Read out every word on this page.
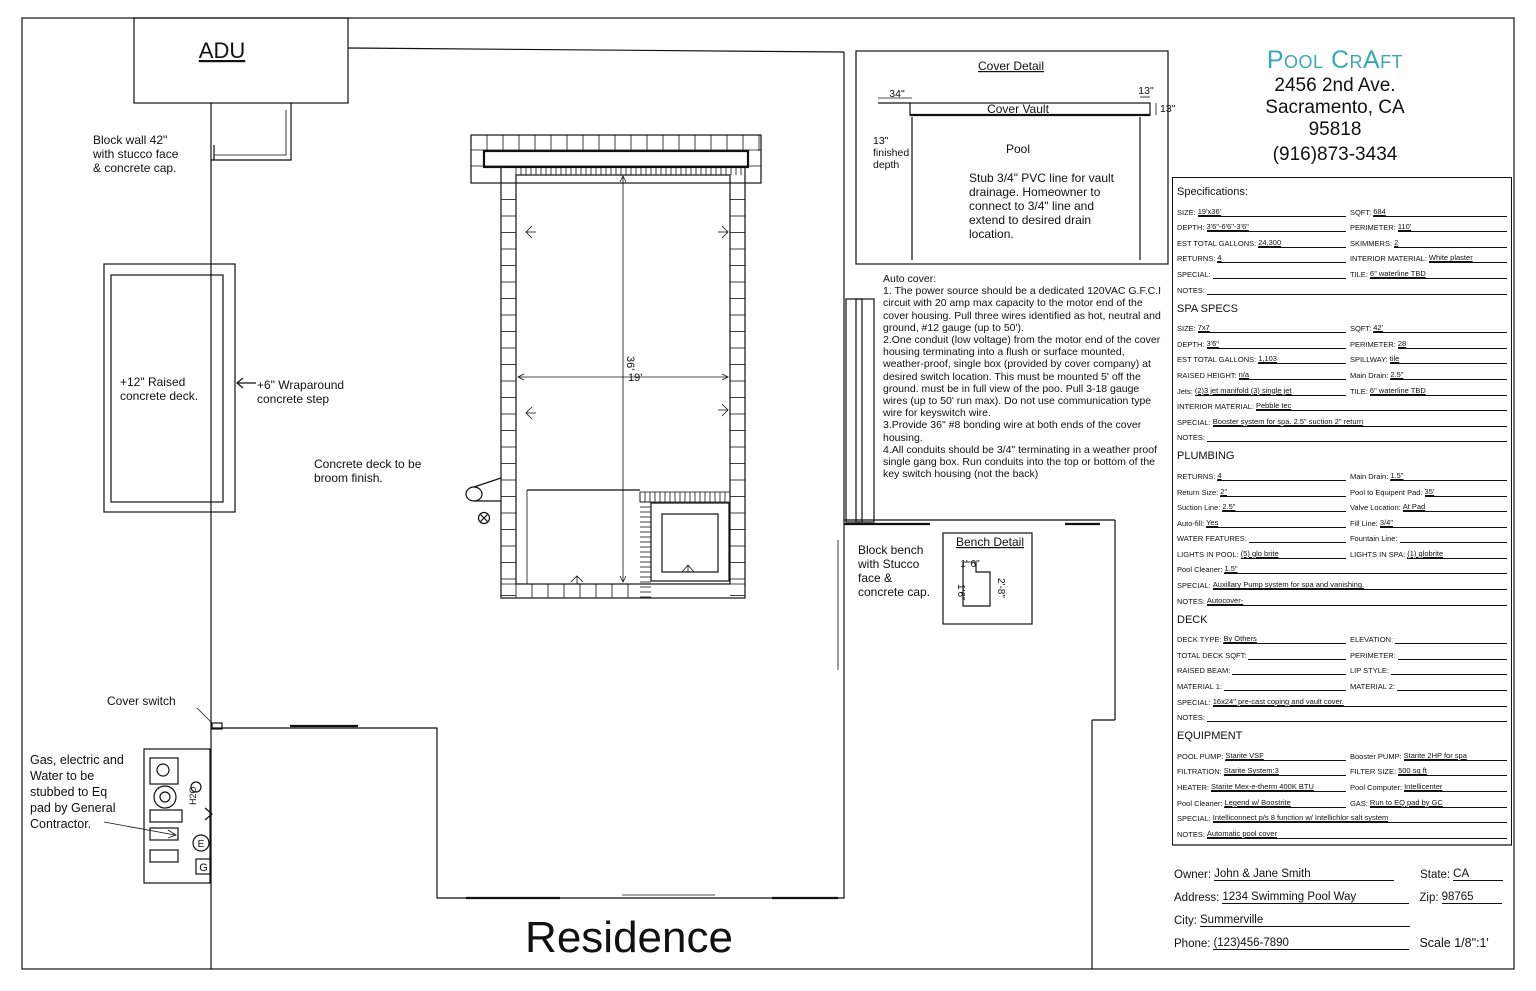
ADU
E
G
H2O
36'
19'
Cover Detail
34"	13"
13"
Cover Vault
Pool
Bench Detail
1' 6"
1'6"	2'-8"
Residence
Block wall 42"
with stucco face
& concrete cap.
+12" Raised
concrete deck.
+6" Wraparound
concrete step
Concrete deck to be
broom finish.
Cover switch
Gas, electric and
Water to be
stubbed to Eq
pad by General
Contractor.
Block bench
with Stucco
face &
concrete cap.
13"
finished
depth
Stub 3/4" PVC line for vault
drainage. Homeowner to
connect to 3/4" line and
extend to desired drain
location.

Auto cover:

1. The power source should be a dedicated 120VAC G.F.C.I circuit with 20 amp max capacity to the motor end of the cover housing. Pull three wires identified as hot, neutral and ground, #12 gauge (up to 50').

2.One conduit (low voltage) from the motor end of the cover housing terminating into a flush or surface mounted, weather-proof, single box (provided by cover company) at desired switch location. This must be mounted 5' off the ground. must be in full view of the poo. Pull 3-18 gauge wires (up to 50' run max). Do not use communication type wire for keyswitch wire.

3.Provide 36" #8 bonding wire at both ends of the cover housing.

4.All conduits should be 3/4" terminating in a weather proof single gang box. Run conduits into the top or bottom of the key switch housing (not the back)

Pool CrAft
2456 2nd Ave.
Sacramento, CA 95818
(916)873-3434
Specifications:
SIZE: 19'x36'	SQFT: 684
DEPTH: 3'6"-6'6"-3'6"	PERIMETER: 110'
EST TOTAL GALLONS: 24,300	SKIMMERS: 2
RETURNS: 4	INTERIOR MATERIAL: White plaster
SPECIAL:	TILE: 6" waterline TBD
NOTES:
SPA SPECS
SIZE: 7x7	SQFT: 42'
DEPTH: 3'6"	PERIMETER: 28
EST TOTAL GALLONS: 1,103	SPILLWAY: tile
RAISED HEIGHT: n/a	Main Drain: 2.5"
Jets: (2)3 jet manifold (3) single jet	TILE: 6" waterline TBD
INTERIOR MATERIAL: Pebble tec
SPECIAL: Booster system for spa. 2.5" suction 2" return
NOTES:
PLUMBING
RETURNS: 4	Main Drain: 1.5"
Return Size: 2"	Pool to Equipent Pad: 35'
Suction Line: 2.5"	Valve Location: At Pad
Auto-fill: Yes	Fill Line: 3/4"
WATER FEATURES:	Fountain Line:
LIGHTS IN POOL: (5) glo brite	LIGHTS IN SPA: (1) globrite
Pool Cleaner: 1.5"
SPECIAL: Auxillary Pump system for spa and vanishing.
NOTES: Autocover-
DECK
DECK TYPE: By Others	ELEVATION:
TOTAL DECK SQFT:	PERIMETER:
RAISED BEAM:	LIP STYLE:
MATERIAL 1:	MATERIAL 2:
SPECIAL: 16x24" pre-cast coping and vault cover.
NOTES:
EQUIPMENT
POOL PUMP: Starite VSF	Booster PUMP: Starite 2HP for spa
FILTRATION: Starite System:3	FILTER SIZE: 500 sq ft
HEATER: Starite Mex-e-therm 400K BTU	Pool Computer: Intellicenter
Pool Cleaner: Legend w/ Boostrite	GAS: Run to EQ pad by GC
SPECIAL: Intelliconnect p/s 8 function w/ Intellichlor salt system
NOTES: Automatic pool cover
Owner: John & Jane Smith	State: CA
Address: 1234 Swimming Pool Way	Zip: 98765
City: Summerville
Phone: (123)456-7890	Scale 1/8":1'
